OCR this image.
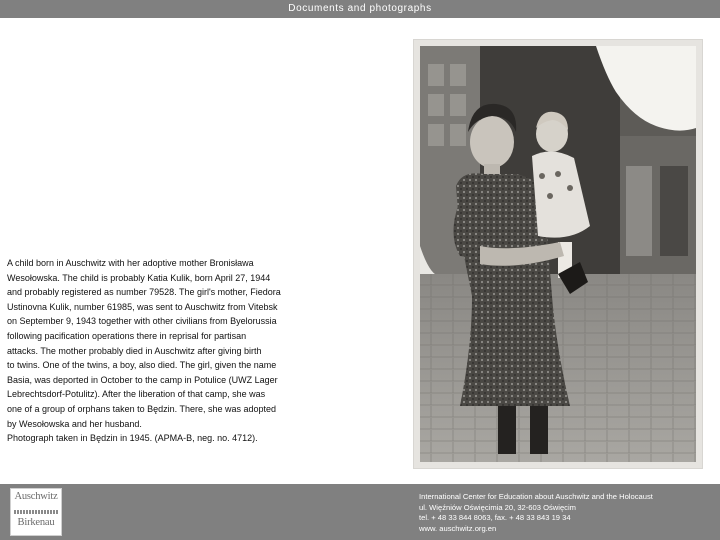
Documents and photographs

A child born in Auschwitz with her adoptive mother Bronisława

Wesołowska. The child is probably Katia Kulik, born April 27, 1944

and probably registered as number 79528. The girl's mother, Fiedora

Ustinovna Kulik, number 61985, was sent to Auschwitz from Vitebsk

on September 9, 1943 together with other civilians from Byelorussia

following pacification operations there in reprisal for partisan

attacks. The mother probably died in Auschwitz after giving birth

to twins. One of the twins, a boy, also died. The girl, given the name

Basia, was deported in October to the camp in Potulice (UWZ Lager

Lebrechtsdorf-Potulitz). After the liberation of that camp, she was

one of a group of orphans taken to Będzin. There, she was adopted

by Wesołowska and her husband.

Photograph taken in Będzin in 1945. (APMA-B, neg. no. 4712).

Auschwitz
Birkenau
International Center for Education about Auschwitz and the Holocaust
ul. Więźniów Oświęcimia 20, 32-603 Oświęcim
tel. + 48 33 844 8063, fax. + 48 33 843 19 34
www. auschwitz.org.en
